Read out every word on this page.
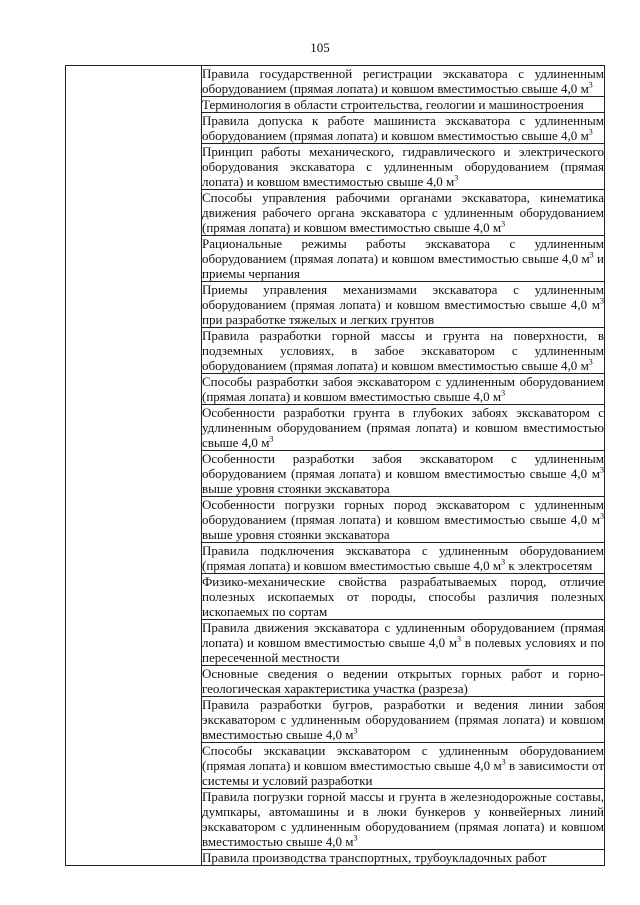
105

Правила государственной регистрации экскаватора с удлиненным оборудованием (прямая лопата) и ковшом вместимостью свыше 4,0 $м^3$
Терминология в области строительства, геологии и машиностроения
Правила допуска к работе машиниста экскаватора с удлиненным оборудованием (прямая лопата) и ковшом вместимостью свыше 4,0 $м^3$
Принцип работы механического, гидравлического и электрического оборудования экскаватора с удлиненным оборудованием (прямая лопата) и ковшом вместимостью свыше 4,0 $м^3$
Способы управления рабочими органами экскаватора, кинематика движения рабочего органа экскаватора с удлиненным оборудованием (прямая лопата) и ковшом вместимостью свыше 4,0 $м^3$
Рациональные режимы работы экскаватора с удлиненным оборудованием (прямая лопата) и ковшом вместимостью свыше 4,0 $м^3$ и приемы черпания
Приемы управления механизмами экскаватора с удлиненным оборудованием (прямая лопата) и ковшом вместимостью свыше 4,0 $м^3$ при разработке тяжелых и легких грунтов
Правила разработки горной массы и грунта на поверхности, в подземных условиях, в забое экскаватором с удлиненным оборудованием (прямая лопата) и ковшом вместимостью свыше 4,0 $м^3$
Способы разработки забоя экскаватором с удлиненным оборудованием (прямая лопата) и ковшом вместимостью свыше 4,0 $м^3$
Особенности разработки грунта в глубоких забоях экскаватором с удлиненным оборудованием (прямая лопата) и ковшом вместимостью свыше 4,0 $м^3$
Особенности разработки забоя экскаватором с удлиненным оборудованием (прямая лопата) и ковшом вместимостью свыше 4,0 $м^3$ выше уровня стоянки экскаватора
Особенности погрузки горных пород экскаватором с удлиненным оборудованием (прямая лопата) и ковшом вместимостью свыше 4,0 $м^3$ выше уровня стоянки экскаватора
Правила подключения экскаватора с удлиненным оборудованием (прямая лопата) и ковшом вместимостью свыше 4,0 $м^3$ к электросетям
Физико-механические свойства разрабатываемых пород, отличие полезных ископаемых от породы, способы различия полезных ископаемых по сортам
Правила движения экскаватора с удлиненным оборудованием (прямая лопата) и ковшом вместимостью свыше 4,0 $м^3$ в полевых условиях и по пересеченной местности
Основные сведения о ведении открытых горных работ и горно-геологическая характеристика участка (разреза)
Правила разработки бугров, разработки и ведения линии забоя экскаватором с удлиненным оборудованием (прямая лопата) и ковшом вместимостью свыше 4,0 $м^3$
Способы экскавации экскаватором с удлиненным оборудованием (прямая лопата) и ковшом вместимостью свыше 4,0 $м^3$ в зависимости от системы и условий разработки
Правила погрузки горной массы и грунта в железнодорожные составы, думпкары, автомашины и в люки бункеров у конвейерных линий экскаватором с удлиненным оборудованием (прямая лопата) и ковшом вместимостью свыше 4,0 $м^3$
Правила производства транспортных, трубоукладочных работ
